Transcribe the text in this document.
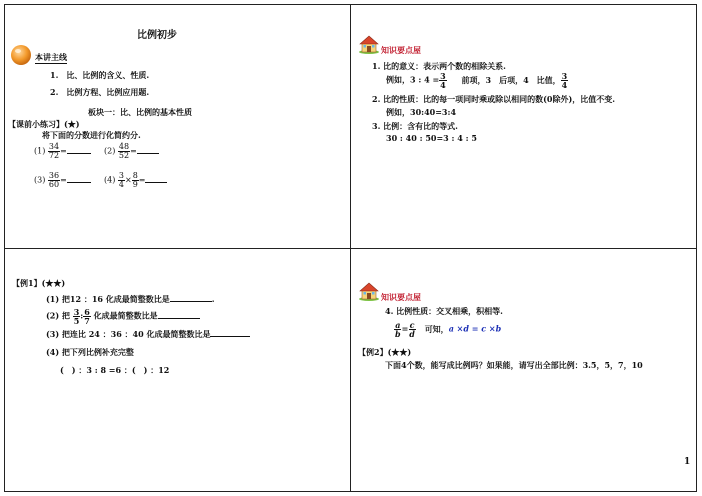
比例初步
本讲主线
1.　比、比例的含义、性质.
2.　比例方程、比例应用题.
板块一：比、比例的基本性质
【课前小练习】(★)
将下面的分数进行化简约分.
$(1) \frac{34}{72}$ =	$(2) \frac{48}{52}$ =
$(3) \frac{36}{60}$ =	$(4) \frac{3}{4} \times \frac{8}{9}$ =
知识要点屋
1. 比的意义：表示两个数的相除关系.
例如，3 : $4 = \frac{3}{4}$ 前项，3　后项，4　比值， $\frac{3}{4}$
2. 比的性质：比的每一项同时乘或除以相同的数(0除外)，比值不变.
例如，30:40=3:4
3. 比例：含有比的等式.
30 : 40 : 50=3 : 4 : 5
【例1】(★★)
(1) 把12 ：16 化成最简整数比是	.
(2) 把 $\frac{3}{5}$ : $\frac{6}{7}$ 化成最简整数比是
(3) 把连比 24 ：36 ：40 化成最简整数比是
(4) 把下列比例补充完整
(　) ：3 : 8 =6 ：(　) ：12
知识要点屋
4. 比例性质：交叉相乘，积相等.
$\frac{a}{b} = \frac{c}{d}$ 可知，a ×d = c ×b
【例2】(★★)
下面4个数，能写成比例吗？如果能，请写出全部比例：3.5，5，7，10
1
